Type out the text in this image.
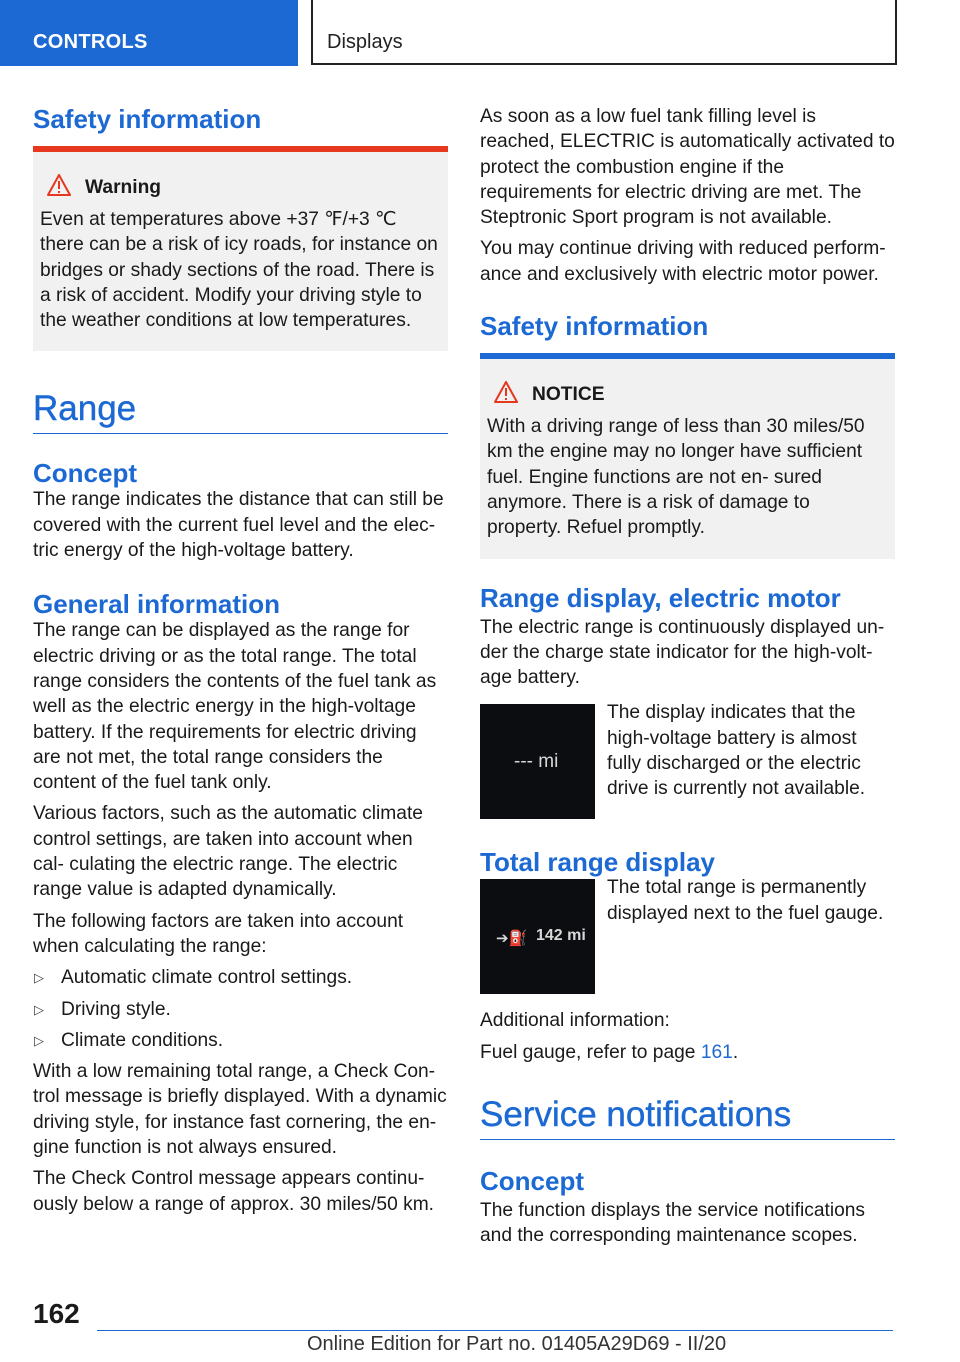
CONTROLS	Displays
Safety information
Warning

Even at temperatures above +37 ℉/+3 ℃ there can be a risk of icy roads, for instance on bridges or shady sections of the road. There is a risk of accident. Modify your driving style to the weather conditions at low temperatures.

Range
Concept

The range indicates the distance that can still be covered with the current fuel level and the elec‐ tric energy of the high-voltage battery.

General information

The range can be displayed as the range for electric driving or as the total range. The total range considers the contents of the fuel tank as well as the electric energy in the high-voltage battery. If the requirements for electric driving are not met, the total range considers the content of the fuel tank only.

Various factors, such as the automatic climate control settings, are taken into account when cal‐ culating the electric range. The electric range value is adapted dynamically.

The following factors are taken into account when calculating the range:

▷ Automatic climate control settings.
▷ Driving style.
▷ Climate conditions.

With a low remaining total range, a Check Con‐ trol message is briefly displayed. With a dynamic driving style, for instance fast cornering, the en‐ gine function is not always ensured.

The Check Control message appears continu‐ ously below a range of approx. 30 miles/50 km.

As soon as a low fuel tank filling level is reached, ELECTRIC is automatically activated to protect the combustion engine if the requirements for electric driving are met. The Steptronic Sport program is not available.

You may continue driving with reduced perform‐ ance and exclusively with electric motor power.

Safety information
NOTICE

With a driving range of less than 30 miles/50 km the engine may no longer have sufficient fuel. Engine functions are not en‐ sured anymore. There is a risk of damage to property. Refuel promptly.

Range display, electric motor

The electric range is continuously displayed un‐ der the charge state indicator for the high-volt‐ age battery.

--- mi

The display indicates that the high-voltage battery is almost fully discharged or the electric drive is currently not available.

Total range display
➔⛽ 142 mi

The total range is permanently displayed next to the fuel gauge.

Additional information:

Fuel gauge, refer to page 161.

Service notifications
Concept

The function displays the service notifications and the corresponding maintenance scopes.

162
Online Edition for Part no. 01405A29D69 - II/20
